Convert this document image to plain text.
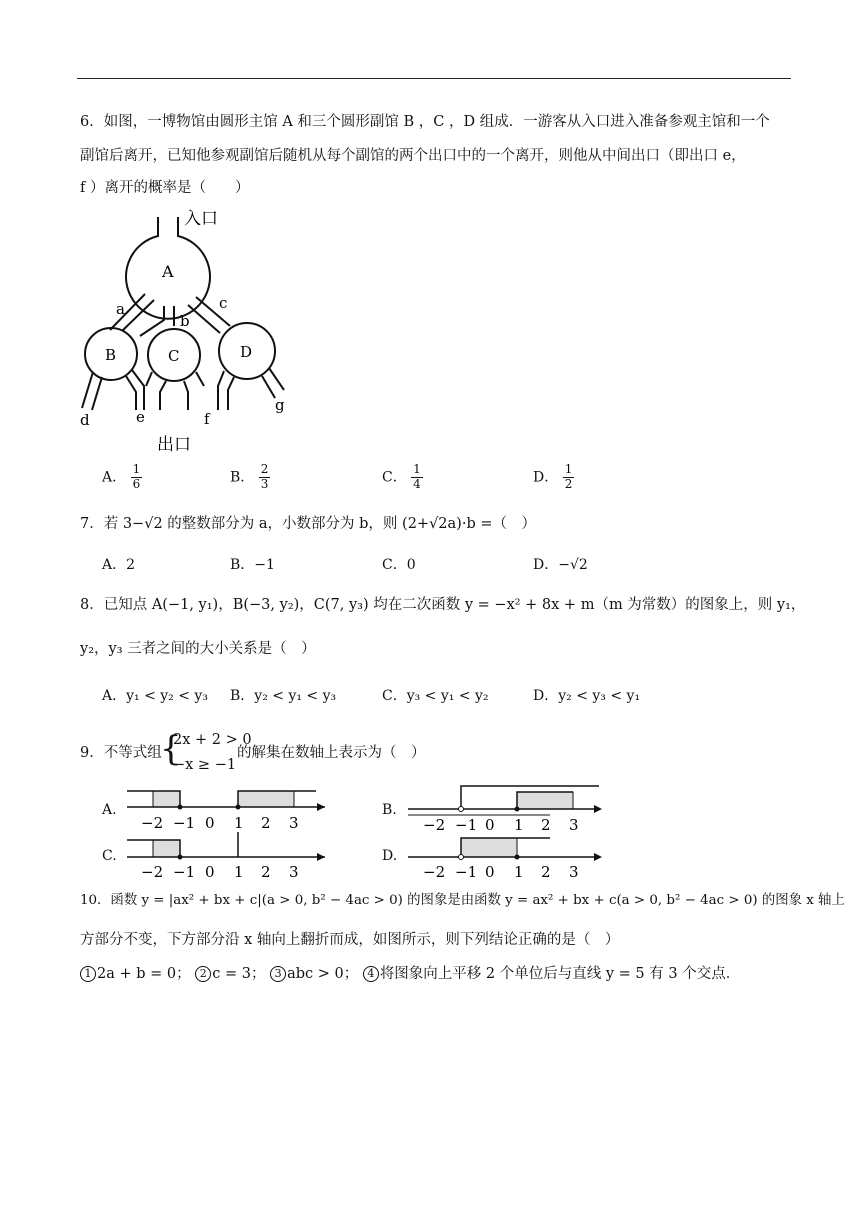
6．如图，一博物馆由圆形主馆 A 和三个圆形副馆 B ，C ，D 组成．一游客从入口进入准备参观主馆和一个
副馆后离开，已知他参观副馆后随机从每个副馆的两个出口中的一个离开，则他从中间出口（即出口 e，
f ）离开的概率是（　　）
入口
A
B	C	D
a
b
c
d	e	f
g
出口
A． $\frac{1}{6}$	B． $\frac{2}{3}$	C． $\frac{1}{4}$	D． $\frac{1}{2}$
7．若 3−√2 的整数部分为 a，小数部分为 b，则 (2+√2a)·b =（　）
A．2	B．−1	C．0	D．−√2
8．已知点 A(−1, y₁)，B(−3, y₂)，C(7, y₃) 均在二次函数 y = −x² + 8x + m（m 为常数）的图象上，则 y₁，
y₂，y₃ 三者之间的大小关系是（　）
A．y₁ < y₂ < y₃ B．y₂ < y₁ < y₃	C．y₃ < y₁ < y₂	D．y₂ < y₃ < y₁
9．不等式组
{
2x + 2 > 0
−x ≥ −1
的解集在数轴上表示为（　）
A.	B.
C.	D.
−2 −1 0 1 2 3	−2 −1 0 1 2 3
−2 −1 0 1 2 3	−2 −1 0 1 2 3
10．函数 y = |ax² + bx + c|(a > 0, b² − 4ac > 0) 的图象是由函数 y = ax² + bx + c(a > 0, b² − 4ac > 0) 的图象 x 轴上
方部分不变，下方部分沿 x 轴向上翻折而成，如图所示，则下列结论正确的是（　）
1 2a + b = 0； 2 c = 3； 3 abc > 0； 4 将图象向上平移 2 个单位后与直线 y = 5 有 3 个交点．
